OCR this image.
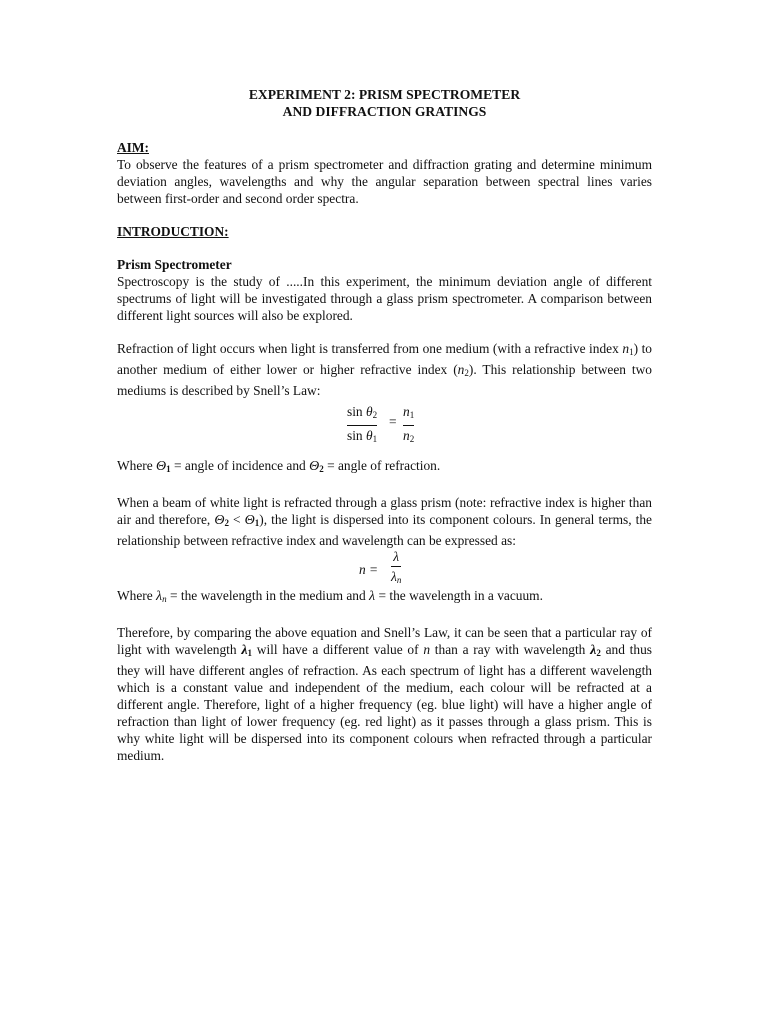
EXPERIMENT 2: PRISM SPECTROMETER
AND DIFFRACTION GRATINGS
AIM:

To observe the features of a prism spectrometer and diffraction grating and determine minimum deviation angles, wavelengths and why the angular separation between spectral lines varies between first-order and second order spectra.

INTRODUCTION:
Prism Spectrometer

Spectroscopy is the study of .....In this experiment, the minimum deviation angle of different spectrums of light will be investigated through a glass prism spectrometer. A comparison between different light sources will also be explored.

Refraction of light occurs when light is transferred from one medium (with a refractive index $n_1$) to another medium of either lower or higher refractive index $(n_2)$. This relationship between two mediums is described by Snell’s Law:

$\sin \theta_2$
$\sin \theta_1$
=
$n_1$
$n_2$

Where $\Theta_1$ = angle of incidence and $\Theta_2$ = angle of refraction.

When a beam of white light is refracted through a glass prism (note: refractive index is higher than air and therefore, $\Theta_2 < \Theta_1$), the light is dispersed into its component colours. In general terms, the relationship between refractive index and wavelength can be expressed as:

n =
λ
$\lambda_n$

Where $\lambda_n$ = the wavelength in the medium and λ = the wavelength in a vacuum.

Therefore, by comparing the above equation and Snell’s Law, it can be seen that a particular ray of light with wavelength $\lambda_1$ will have a different value of n than a ray with wavelength $\lambda_2$ and thus they will have different angles of refraction. As each spectrum of light has a different wavelength which is a constant value and independent of the medium, each colour will be refracted at a different angle. Therefore, light of a higher frequency (eg. blue light) will have a higher angle of refraction than light of lower frequency (eg. red light) as it passes through a glass prism. This is why white light will be dispersed into its component colours when refracted through a particular medium.
